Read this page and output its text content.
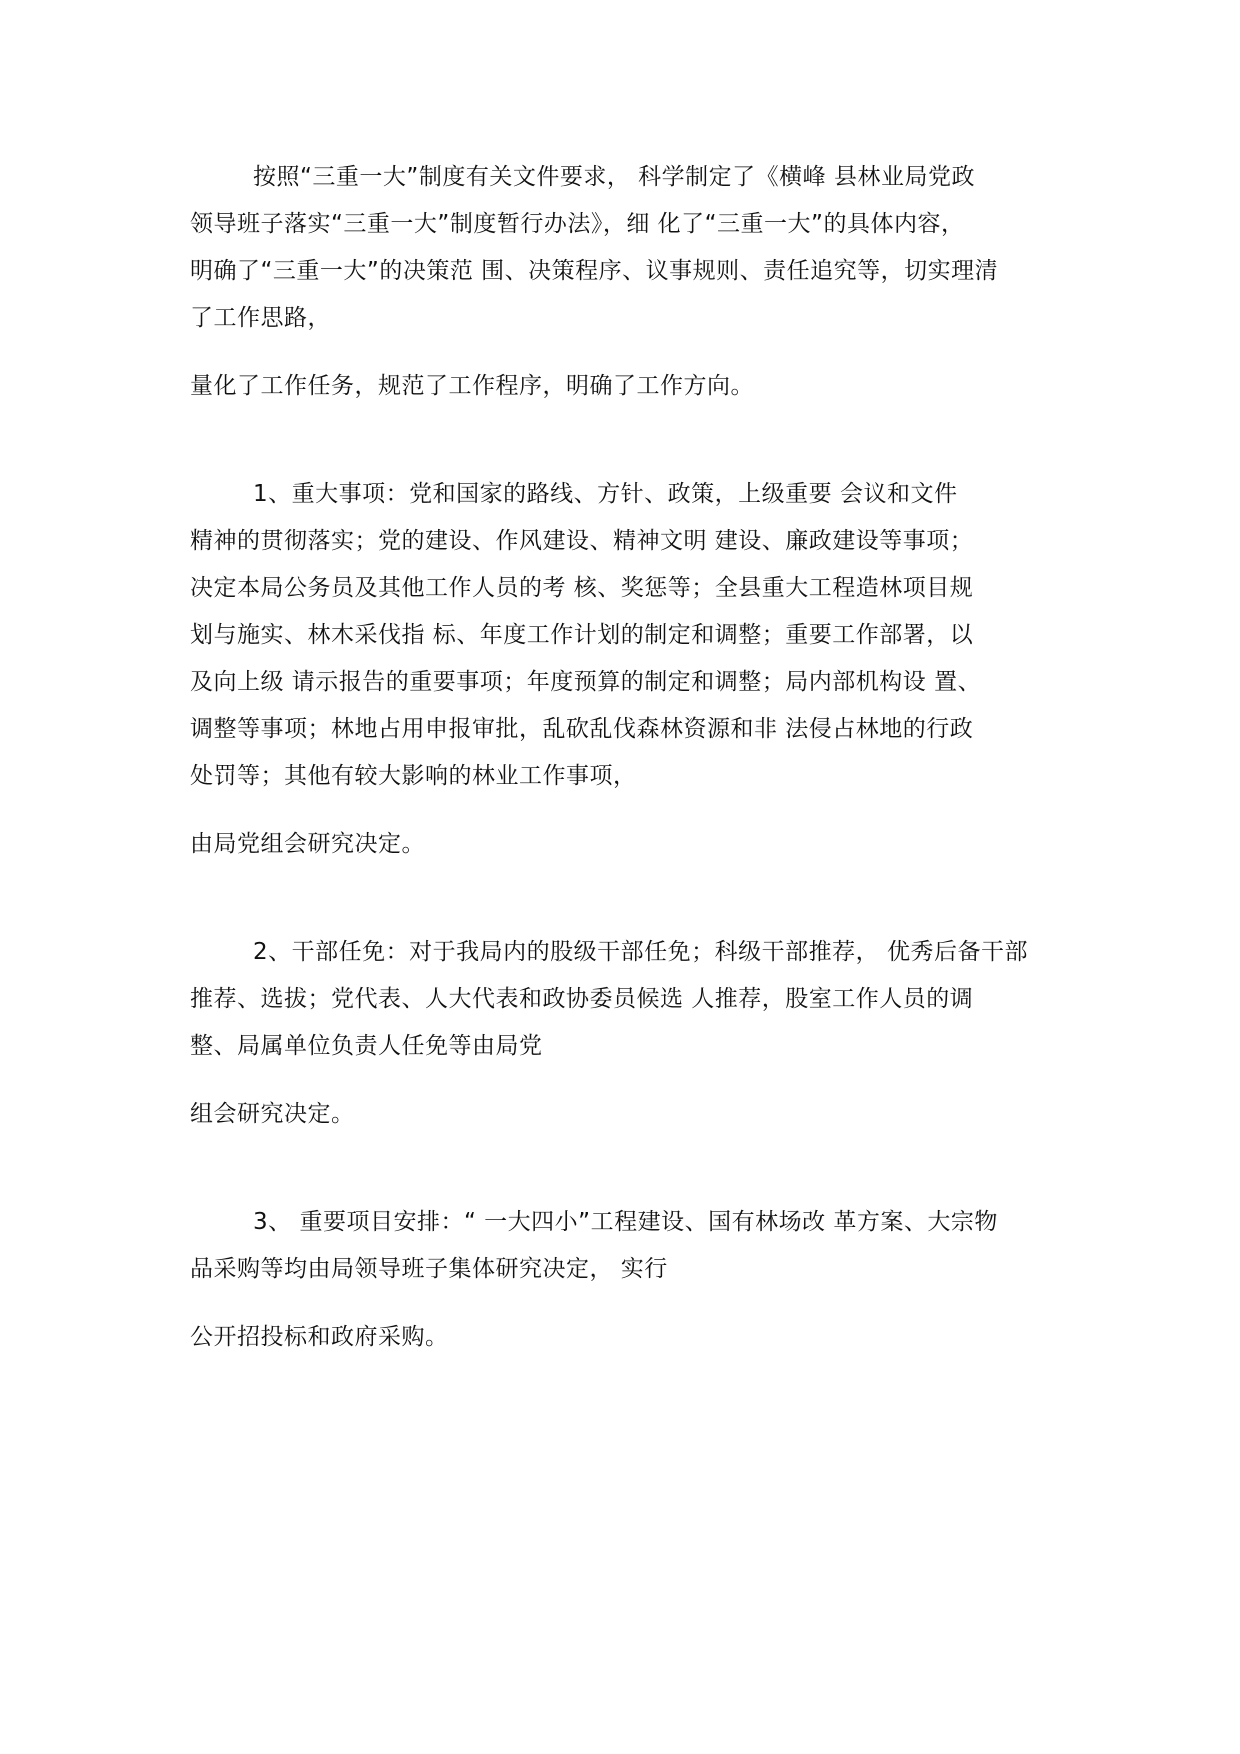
按照“三重一大”制度有关文件要求， 科学制定了《横峰 县林业局党政
领导班子落实“三重一大”制度暂行办法》，细 化了“三重一大”的具体内容，
明确了“三重一大”的决策范 围、决策程序、议事规则、责任追究等，切实理清
了工作思路，
量化了工作任务，规范了工作程序，明确了工作方向。
1、重大事项：党和国家的路线、方针、政策，上级重要 会议和文件
精神的贯彻落实；党的建设、作风建设、精神文明 建设、廉政建设等事项；
决定本局公务员及其他工作人员的考 核、奖惩等；全县重大工程造林项目规
划与施实、林木采伐指 标、年度工作计划的制定和调整；重要工作部署，以
及向上级 请示报告的重要事项；年度预算的制定和调整；局内部机构设 置、
调整等事项；林地占用申报审批，乱砍乱伐森林资源和非 法侵占林地的行政
处罚等；其他有较大影响的林业工作事项，
由局党组会研究决定。
2、干部任免：对于我局内的股级干部任免；科级干部推荐， 优秀后备干部
推荐、选拔；党代表、人大代表和政协委员候选 人推荐，股室工作人员的调
整、局属单位负责人任免等由局党
组会研究决定。
3、 重要项目安排：“ 一大四小”工程建设、国有林场改 革方案、大宗物
品采购等均由局领导班子集体研究决定， 实行
公开招投标和政府采购。
